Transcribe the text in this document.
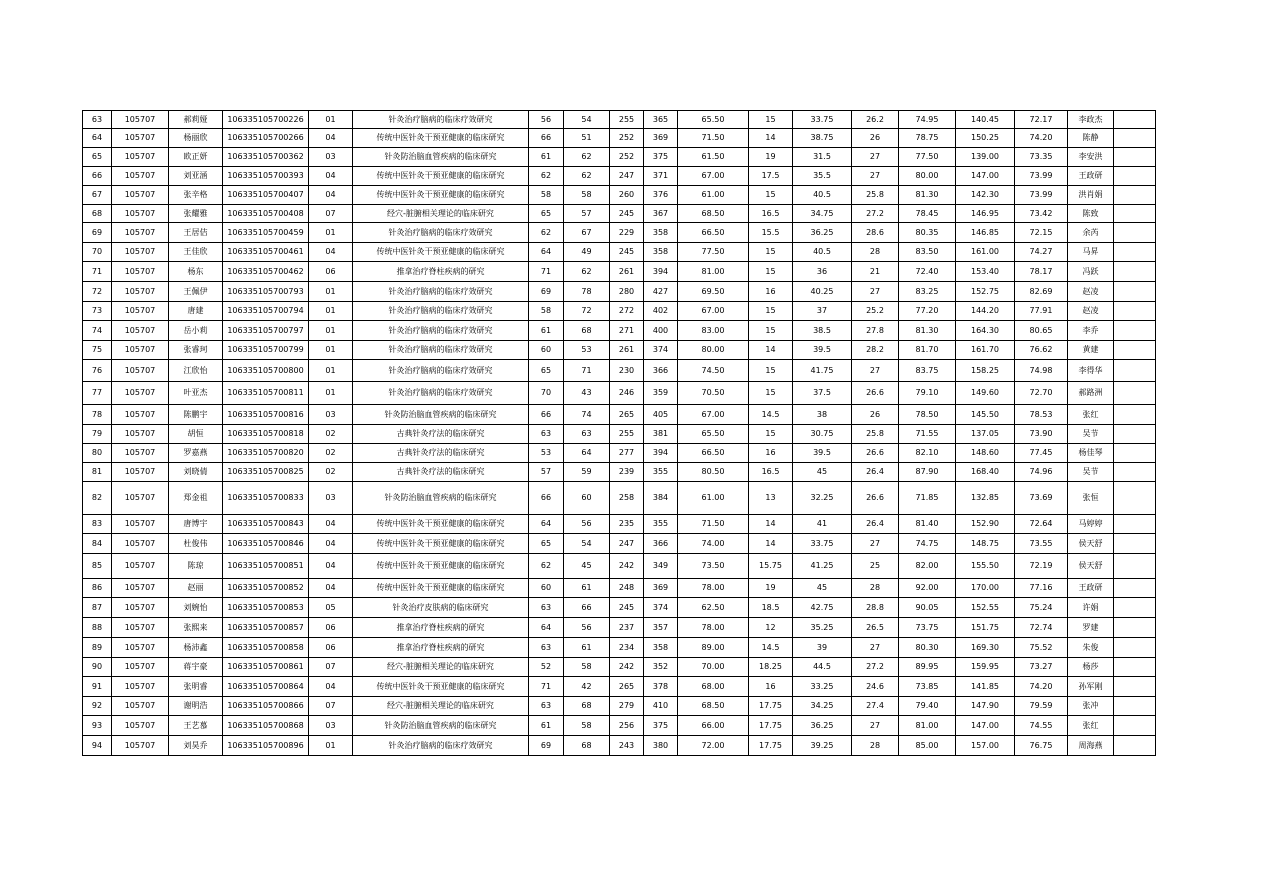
63	105707	郝莉娅	106335105700226	01	针灸治疗脑病的临床疗效研究	56	54	255	365	65.50	15	33.75	26.2	74.95	140.45	72.17	李政杰	
64	105707	杨丽欣	106335105700266	04	传统中医针灸干预亚健康的临床研究	66	51	252	369	71.50	14	38.75	26	78.75	150.25	74.20	陈静	
65	105707	欧正妍	106335105700362	03	针灸防治脑血管疾病的临床研究	61	62	252	375	61.50	19	31.5	27	77.50	139.00	73.35	李安洪	
66	105707	刘亚涵	106335105700393	04	传统中医针灸干预亚健康的临床研究	62	62	247	371	67.00	17.5	35.5	27	80.00	147.00	73.99	王政研	
67	105707	张辛格	106335105700407	04	传统中医针灸干预亚健康的临床研究	58	58	260	376	61.00	15	40.5	25.8	81.30	142.30	73.99	洪肖娟	
68	105707	张耀雅	106335105700408	07	经穴-脏腑相关理论的临床研究	65	57	245	367	68.50	16.5	34.75	27.2	78.45	146.95	73.42	陈致	
69	105707	王居佶	106335105700459	01	针灸治疗脑病的临床疗效研究	62	67	229	358	66.50	15.5	36.25	28.6	80.35	146.85	72.15	余芮	
70	105707	王佳欣	106335105700461	04	传统中医针灸干预亚健康的临床研究	64	49	245	358	77.50	15	40.5	28	83.50	161.00	74.27	马昇	
71	105707	杨东	106335105700462	06	推拿治疗脊柱疾病的研究	71	62	261	394	81.00	15	36	21	72.40	153.40	78.17	冯跃	
72	105707	王佩伊	106335105700793	01	针灸治疗脑病的临床疗效研究	69	78	280	427	69.50	16	40.25	27	83.25	152.75	82.69	赵凌	
73	105707	唐建	106335105700794	01	针灸治疗脑病的临床疗效研究	58	72	272	402	67.00	15	37	25.2	77.20	144.20	77.91	赵凌	
74	105707	岳小莉	106335105700797	01	针灸治疗脑病的临床疗效研究	61	68	271	400	83.00	15	38.5	27.8	81.30	164.30	80.65	李乔	
75	105707	张睿珂	106335105700799	01	针灸治疗脑病的临床疗效研究	60	53	261	374	80.00	14	39.5	28.2	81.70	161.70	76.62	黄建	
76	105707	江欣怡	106335105700800	01	针灸治疗脑病的临床疗效研究	65	71	230	366	74.50	15	41.75	27	83.75	158.25	74.98	李得华	
77	105707	叶亚杰	106335105700811	01	针灸治疗脑病的临床疗效研究	70	43	246	359	70.50	15	37.5	26.6	79.10	149.60	72.70	郝路洲	
78	105707	陈鹏宇	106335105700816	03	针灸防治脑血管疾病的临床研究	66	74	265	405	67.00	14.5	38	26	78.50	145.50	78.53	张红	
79	105707	胡恒	106335105700818	02	古典针灸疗法的临床研究	63	63	255	381	65.50	15	30.75	25.8	71.55	137.05	73.90	吴节	
80	105707	罗嘉燕	106335105700820	02	古典针灸疗法的临床研究	53	64	277	394	66.50	16	39.5	26.6	82.10	148.60	77.45	杨佳琴	
81	105707	刘晓倩	106335105700825	02	古典针灸疗法的临床研究	57	59	239	355	80.50	16.5	45	26.4	87.90	168.40	74.96	吴节	
82	105707	郑金祖	106335105700833	03	针灸防治脑血管疾病的临床研究	66	60	258	384	61.00	13	32.25	26.6	71.85	132.85	73.69	张恒	
83	105707	唐博宇	106335105700843	04	传统中医针灸干预亚健康的临床研究	64	56	235	355	71.50	14	41	26.4	81.40	152.90	72.64	马婷婷	
84	105707	杜俊伟	106335105700846	04	传统中医针灸干预亚健康的临床研究	65	54	247	366	74.00	14	33.75	27	74.75	148.75	73.55	侯天舒	
85	105707	陈琼	106335105700851	04	传统中医针灸干预亚健康的临床研究	62	45	242	349	73.50	15.75	41.25	25	82.00	155.50	72.19	侯天舒	
86	105707	赵丽	106335105700852	04	传统中医针灸干预亚健康的临床研究	60	61	248	369	78.00	19	45	28	92.00	170.00	77.16	王政研	
87	105707	刘婉怡	106335105700853	05	针灸治疗皮肤病的临床研究	63	66	245	374	62.50	18.5	42.75	28.8	90.05	152.55	75.24	许娟	
88	105707	张熙来	106335105700857	06	推拿治疗脊柱疾病的研究	64	56	237	357	78.00	12	35.25	26.5	73.75	151.75	72.74	罗建	
89	105707	杨沛鑫	106335105700858	06	推拿治疗脊柱疾病的研究	63	61	234	358	89.00	14.5	39	27	80.30	169.30	75.52	朱俊	
90	105707	蒋宇豪	106335105700861	07	经穴-脏腑相关理论的临床研究	52	58	242	352	70.00	18.25	44.5	27.2	89.95	159.95	73.27	杨莎	
91	105707	张明睿	106335105700864	04	传统中医针灸干预亚健康的临床研究	71	42	265	378	68.00	16	33.25	24.6	73.85	141.85	74.20	孙军刚	
92	105707	谢明浩	106335105700866	07	经穴-脏腑相关理论的临床研究	63	68	279	410	68.50	17.75	34.25	27.4	79.40	147.90	79.59	张冲	
93	105707	王艺慕	106335105700868	03	针灸防治脑血管疾病的临床研究	61	58	256	375	66.00	17.75	36.25	27	81.00	147.00	74.55	张红	
94	105707	刘昊乔	106335105700896	01	针灸治疗脑病的临床疗效研究	69	68	243	380	72.00	17.75	39.25	28	85.00	157.00	76.75	周海燕	
